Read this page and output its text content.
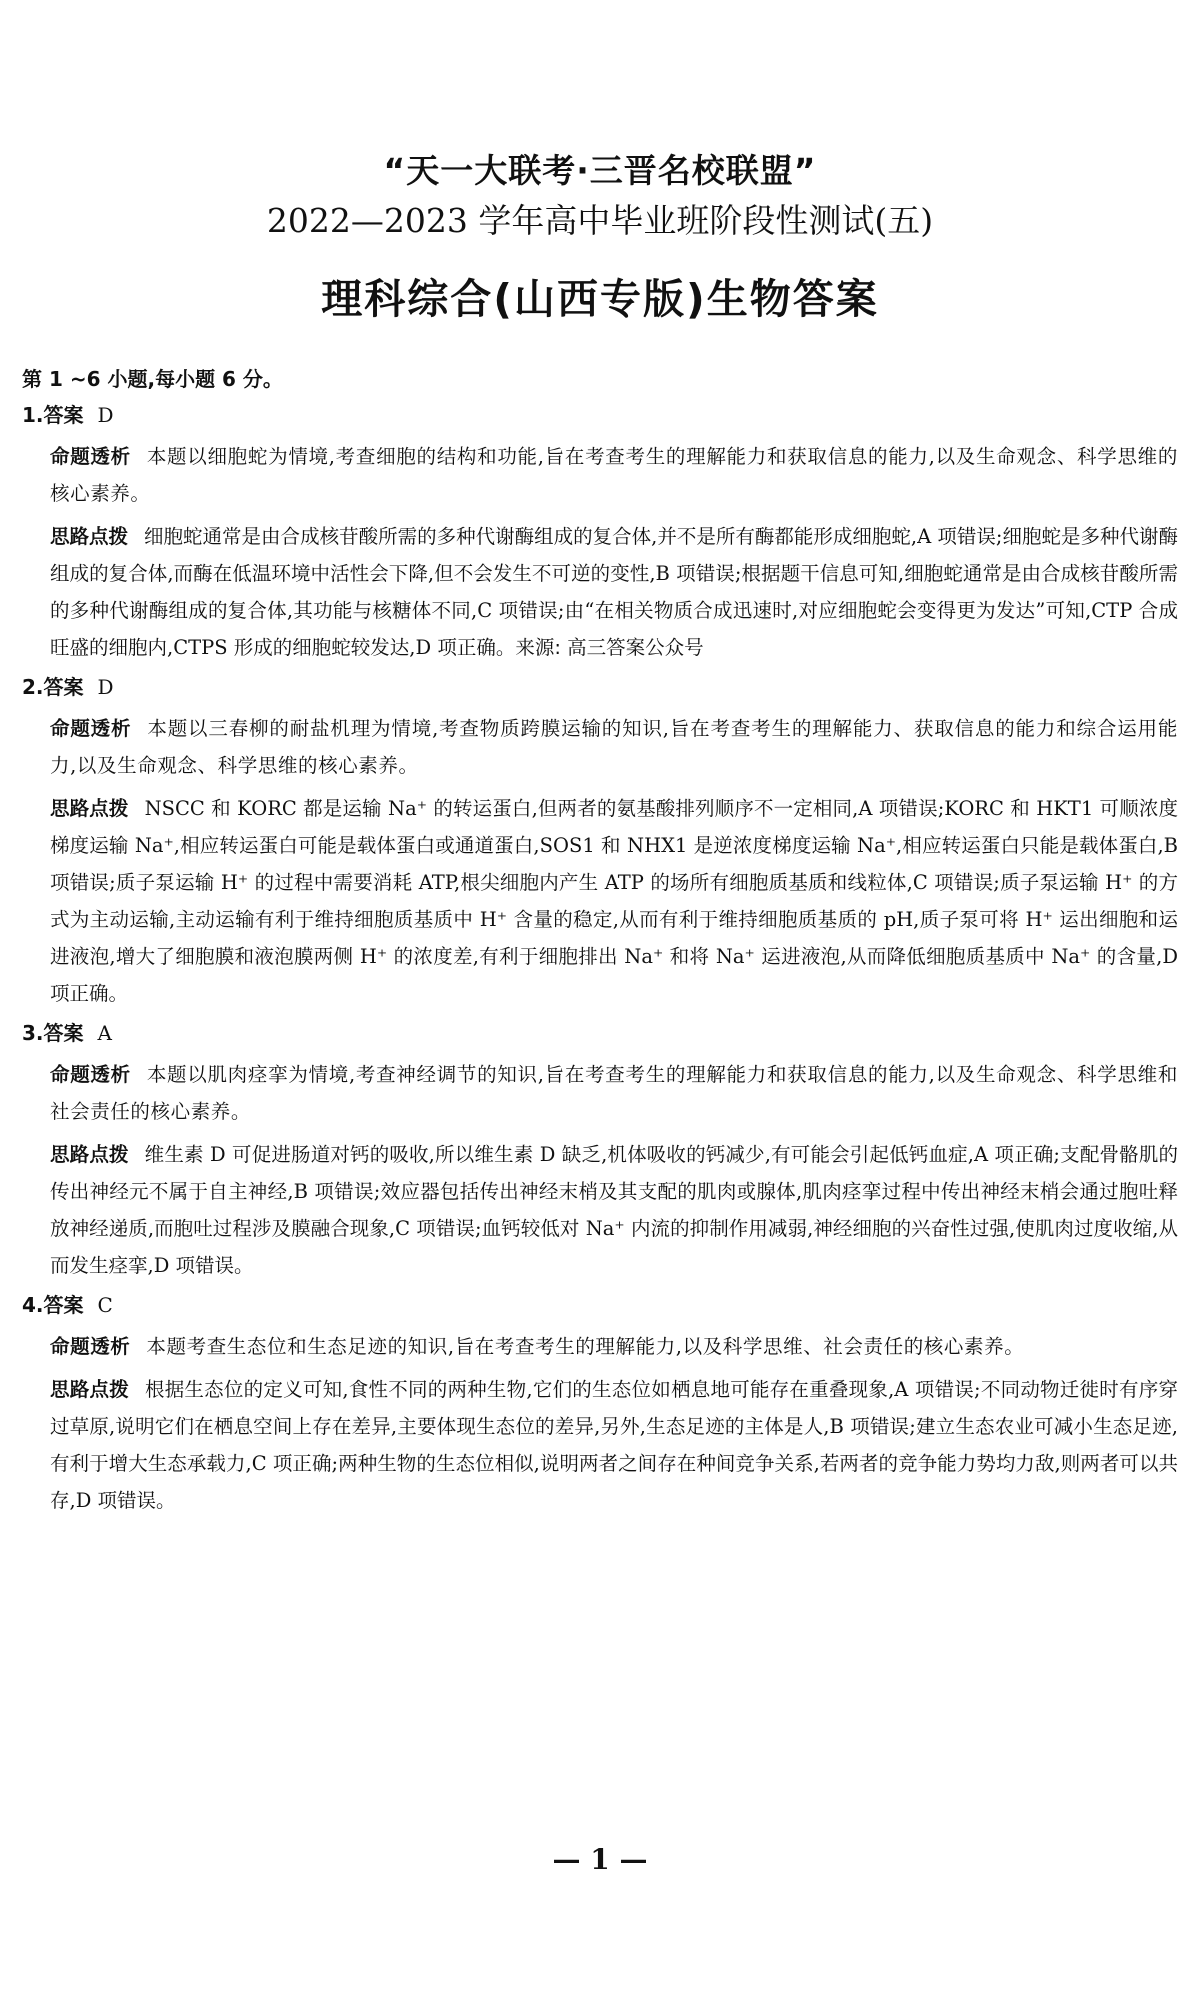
“天一大联考·三晋名校联盟”
2022—2023 学年高中毕业班阶段性测试(五)
理科综合(山西专版)生物答案
第 1 ~6 小题,每小题 6 分。
1.答案 D
命题透析 本题以细胞蛇为情境,考查细胞的结构和功能,旨在考查考生的理解能力和获取信息的能力,以及生命观念、科学思维的核心素养。
思路点拨 细胞蛇通常是由合成核苷酸所需的多种代谢酶组成的复合体,并不是所有酶都能形成细胞蛇,A 项错误;细胞蛇是多种代谢酶组成的复合体,而酶在低温环境中活性会下降,但不会发生不可逆的变性,B 项错误;根据题干信息可知,细胞蛇通常是由合成核苷酸所需的多种代谢酶组成的复合体,其功能与核糖体不同,C 项错误;由“在相关物质合成迅速时,对应细胞蛇会变得更为发达”可知,CTP 合成旺盛的细胞内,CTPS 形成的细胞蛇较发达,D 项正确。来源: 高三答案公众号
2.答案 D
命题透析 本题以三春柳的耐盐机理为情境,考查物质跨膜运输的知识,旨在考查考生的理解能力、获取信息的能力和综合运用能力,以及生命观念、科学思维的核心素养。
思路点拨 NSCC 和 KORC 都是运输 Na⁺ 的转运蛋白,但两者的氨基酸排列顺序不一定相同,A 项错误;KORC 和 HKT1 可顺浓度梯度运输 Na⁺,相应转运蛋白可能是载体蛋白或通道蛋白,SOS1 和 NHX1 是逆浓度梯度运输 Na⁺,相应转运蛋白只能是载体蛋白,B 项错误;质子泵运输 H⁺ 的过程中需要消耗 ATP,根尖细胞内产生 ATP 的场所有细胞质基质和线粒体,C 项错误;质子泵运输 H⁺ 的方式为主动运输,主动运输有利于维持细胞质基质中 H⁺ 含量的稳定,从而有利于维持细胞质基质的 pH,质子泵可将 H⁺ 运出细胞和运进液泡,增大了细胞膜和液泡膜两侧 H⁺ 的浓度差,有利于细胞排出 Na⁺ 和将 Na⁺ 运进液泡,从而降低细胞质基质中 Na⁺ 的含量,D 项正确。
3.答案 A
命题透析 本题以肌肉痉挛为情境,考查神经调节的知识,旨在考查考生的理解能力和获取信息的能力,以及生命观念、科学思维和社会责任的核心素养。
思路点拨 维生素 D 可促进肠道对钙的吸收,所以维生素 D 缺乏,机体吸收的钙减少,有可能会引起低钙血症,A 项正确;支配骨骼肌的传出神经元不属于自主神经,B 项错误;效应器包括传出神经末梢及其支配的肌肉或腺体,肌肉痉挛过程中传出神经末梢会通过胞吐释放神经递质,而胞吐过程涉及膜融合现象,C 项错误;血钙较低对 Na⁺ 内流的抑制作用减弱,神经细胞的兴奋性过强,使肌肉过度收缩,从而发生痉挛,D 项错误。
4.答案 C
命题透析 本题考查生态位和生态足迹的知识,旨在考查考生的理解能力,以及科学思维、社会责任的核心素养。
思路点拨 根据生态位的定义可知,食性不同的两种生物,它们的生态位如栖息地可能存在重叠现象,A 项错误;不同动物迁徙时有序穿过草原,说明它们在栖息空间上存在差异,主要体现生态位的差异,另外,生态足迹的主体是人,B 项错误;建立生态农业可减小生态足迹,有利于增大生态承载力,C 项正确;两种生物的生态位相似,说明两者之间存在种间竞争关系,若两者的竞争能力势均力敌,则两者可以共存,D 项错误。
— 1 —
